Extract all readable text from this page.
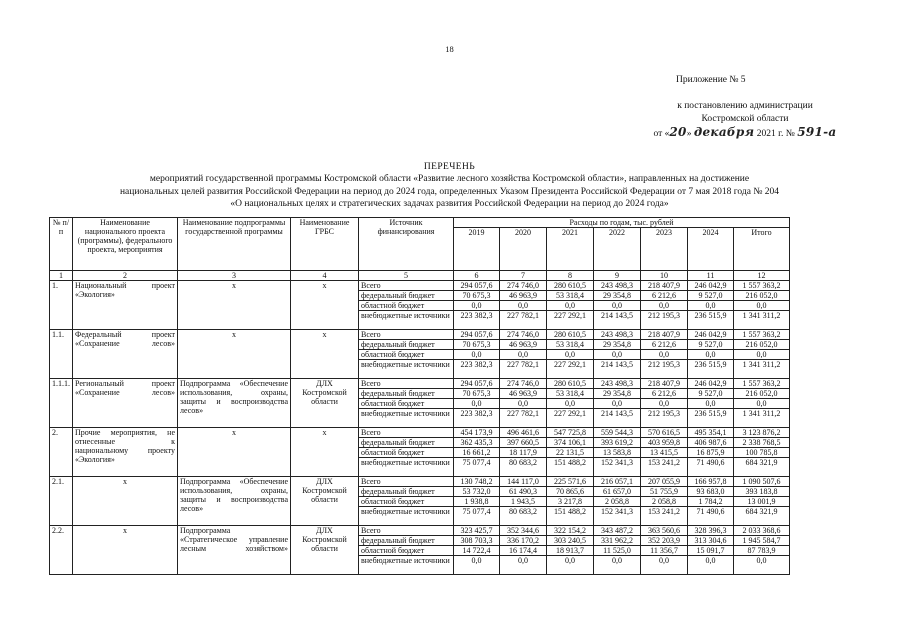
18
Приложение № 5
к постановлению администрации
Костромской области
от «20» декабря 2021 г. № 591-а
ПЕРЕЧЕНЬ
мероприятий государственной программы Костромской области «Развитие лесного хозяйства Костромской области», направленных на достижение
национальных целей развития Российской Федерации на период до 2024 года, определенных Указом Президента Российской Федерации от 7 мая 2018 года № 204
«О национальных целях и стратегических задачах развития Российской Федерации на период до 2024 года»
№ п/п	Наименование национального проекта (программы), федерального проекта, мероприятия	Наименование подпрограммы государственной программы	Наименование ГРБС	Источник финансирования	Расходы по годам, тыс. рублей						
					2019	2020	2021	2022	2023	2024	Итого
1	2	3	4	5	6	7	8	9	10	11	12
1.	Национальный проект «Экология»	х	х	Всего	294 057,6	274 746,0	280 610,5	243 498,3	218 407,9	246 042,9	1 557 363,2
				федеральный бюджет	70 675,3	46 963,9	53 318,4	29 354,8	6 212,6	9 527,0	216 052,0
				областной бюджет	0,0	0,0	0,0	0,0	0,0	0,0	0,0
				внебюджетные источники	223 382,3	227 782,1	227 292,1	214 143,5	212 195,3	236 515,9	1 341 311,2
1.1.	Федеральный проект «Сохранение лесов»	х	х	Всего	294 057,6	274 746,0	280 610,5	243 498,3	218 407,9	246 042,9	1 557 363,2
				федеральный бюджет	70 675,3	46 963,9	53 318,4	29 354,8	6 212,6	9 527,0	216 052,0
				областной бюджет	0,0	0,0	0,0	0,0	0,0	0,0	0,0
				внебюджетные источники	223 382,3	227 782,1	227 292,1	214 143,5	212 195,3	236 515,9	1 341 311,2
1.1.1.	Региональный проект «Сохранение лесов»	Подпрограмма «Обеспечение использования, охраны, защиты и воспроизводства лесов»	ДЛХ Костромской области	Всего	294 057,6	274 746,0	280 610,5	243 498,3	218 407,9	246 042,9	1 557 363,2
				федеральный бюджет	70 675,3	46 963,9	53 318,4	29 354,8	6 212,6	9 527,0	216 052,0
				областной бюджет	0,0	0,0	0,0	0,0	0,0	0,0	0,0
				внебюджетные источники	223 382,3	227 782,1	227 292,1	214 143,5	212 195,3	236 515,9	1 341 311,2
2.	Прочие мероприятия, не отнесенные к национальному проекту «Экология»	х	х	Всего	454 173,9	496 461,6	547 725,8	559 544,3	570 616,5	495 354,1	3 123 876,2
				федеральный бюджет	362 435,3	397 660,5	374 106,1	393 619,2	403 959,8	406 987,6	2 338 768,5
				областной бюджет	16 661,2	18 117,9	22 131,5	13 583,8	13 415,5	16 875,9	100 785,8
				внебюджетные источники	75 077,4	80 683,2	151 488,2	152 341,3	153 241,2	71 490,6	684 321,9
2.1.	х	Подпрограмма «Обеспечение использования, охраны, защиты и воспроизводства лесов»	ДЛХ Костромской области	Всего	130 748,2	144 117,0	225 571,6	216 057,1	207 055,9	166 957,8	1 090 507,6
				федеральный бюджет	53 732,0	61 490,3	70 865,6	61 657,0	51 755,9	93 683,0	393 183,8
				областной бюджет	1 938,8	1 943,5	3 217,8	2 058,8	2 058,8	1 784,2	13 001,9
				внебюджетные источники	75 077,4	80 683,2	151 488,2	152 341,3	153 241,2	71 490,6	684 321,9
2.2.	х	Подпрограмма «Стратегическое управление лесным хозяйством»	ДЛХ Костромской области	Всего	323 425,7	352 344,6	322 154,2	343 487,2	363 560,6	328 396,3	2 033 368,6
				федеральный бюджет	308 703,3	336 170,2	303 240,5	331 962,2	352 203,9	313 304,6	1 945 584,7
				областной бюджет	14 722,4	16 174,4	18 913,7	11 525,0	11 356,7	15 091,7	87 783,9
				внебюджетные источники	0,0	0,0	0,0	0,0	0,0	0,0	0,0
